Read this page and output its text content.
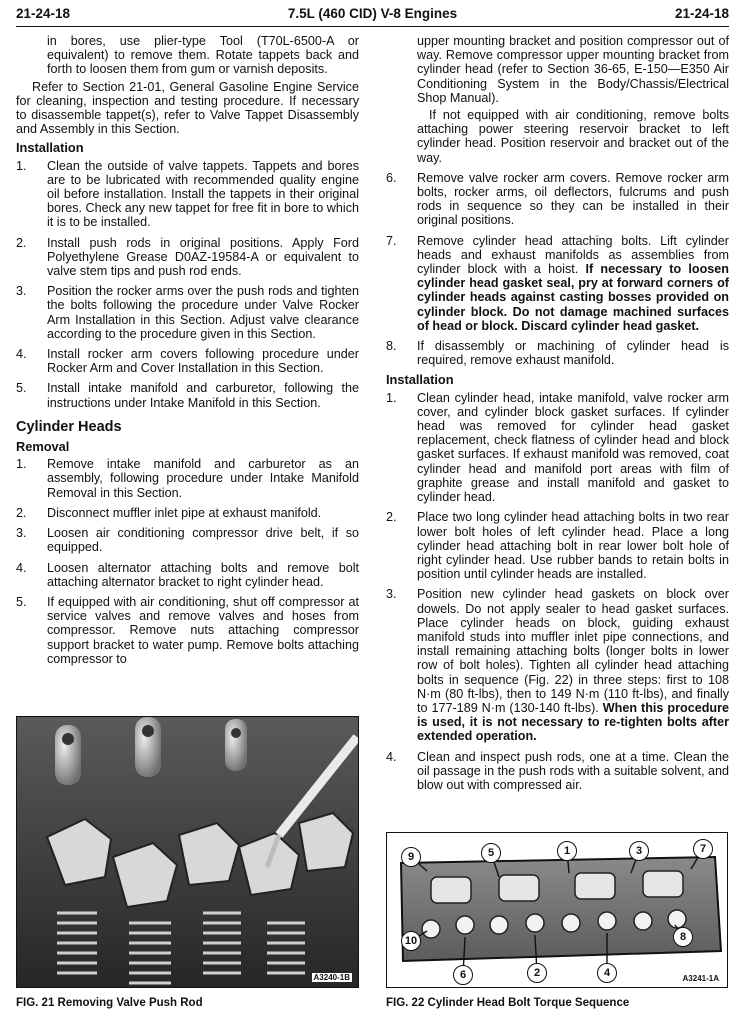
21-24-18	7.5L (460 CID) V-8 Engines	21-24-18

in bores, use plier-type Tool (T70L-6500-A or equivalent) to remove them. Rotate tappets back and forth to loosen them from gum or varnish deposits.

Refer to Section 21-01, General Gasoline Engine Service for cleaning, inspection and testing procedure. If necessary to disassemble tappet(s), refer to Valve Tappet Disassembly and Assembly in this Section.

Installation
1. Clean the outside of valve tappets. Tappets and bores are to be lubricated with recommended quality engine oil before installation. Install the tappets in their original bores. Check any new tappet for free fit in bore to which it is to be installed.
2. Install push rods in original positions. Apply Ford Polyethylene Grease D0AZ-19584-A or equivalent to valve stem tips and push rod ends.
3. Position the rocker arms over the push rods and tighten the bolts following the procedure under Valve Rocker Arm Installation in this Section. Adjust valve clearance according to the procedure given in this Section.
4. Install rocker arm covers following procedure under Rocker Arm and Cover Installation in this Section.
5. Install intake manifold and carburetor, following the instructions under Intake Manifold in this Section.
Cylinder Heads
Removal
1. Remove intake manifold and carburetor as an assembly, following procedure under Intake Manifold Removal in this Section.
2. Disconnect muffler inlet pipe at exhaust manifold.
3. Loosen air conditioning compressor drive belt, if so equipped.
4. Loosen alternator attaching bolts and remove bolt attaching alternator bracket to right cylinder head.
5. If equipped with air conditioning, shut off compressor at service valves and remove valves and hoses from compressor. Remove nuts attaching compressor support bracket to water pump. Remove bolts attaching compressor to

upper mounting bracket and position compressor out of way. Remove compressor upper mounting bracket from cylinder head (refer to Section 36-65, E-150—E350 Air Conditioning System in the Body/Chassis/Electrical Shop Manual).

If not equipped with air conditioning, remove bolts attaching power steering reservoir bracket to left cylinder head. Position reservoir and bracket out of the way.

6. Remove valve rocker arm covers. Remove rocker arm bolts, rocker arms, oil deflectors, fulcrums and push rods in sequence so they can be installed in their original positions.
7. Remove cylinder head attaching bolts. Lift cylinder heads and exhaust manifolds as assemblies from cylinder block with a hoist. If necessary to loosen cylinder head gasket seal, pry at forward corners of cylinder heads against casting bosses provided on cylinder block. Do not damage machined surfaces of head or block. Discard cylinder head gasket.
8. If disassembly or machining of cylinder head is required, remove exhaust manifold.
Installation
1. Clean cylinder head, intake manifold, valve rocker arm cover, and cylinder block gasket surfaces. If cylinder head was removed for cylinder head gasket replacement, check flatness of cylinder head and block gasket surfaces. If exhaust manifold was removed, coat cylinder head and manifold port areas with film of graphite grease and install manifold and gasket to cylinder head.
2. Place two long cylinder head attaching bolts in two rear lower bolt holes of left cylinder head. Place a long cylinder head attaching bolt in rear lower bolt hole of right cylinder head. Use rubber bands to retain bolts in position until cylinder heads are installed.
3. Position new cylinder head gaskets on block over dowels. Do not apply sealer to head gasket surfaces. Place cylinder heads on block, guiding exhaust manifold studs into muffler inlet pipe connections, and install remaining attaching bolts (longer bolts in lower row of bolt holes). Tighten all cylinder head attaching bolts in sequence (Fig. 22) in three steps: first to 108 N·m (80 ft-lbs), then to 149 N·m (110 ft-lbs), and finally to 177-189 N·m (130-140 ft-lbs). When this procedure is used, it is not necessary to re-tighten bolts after extended operation.
4. Clean and inspect push rods, one at a time. Clean the oil passage in the push rods with a suitable solvent, and blow out with compressed air.
A3240-1B
FIG. 21 Removing Valve Push Rod
9	5	1	3	7
10	8
6	2	4	A3241-1A
FIG. 22 Cylinder Head Bolt Torque Sequence
